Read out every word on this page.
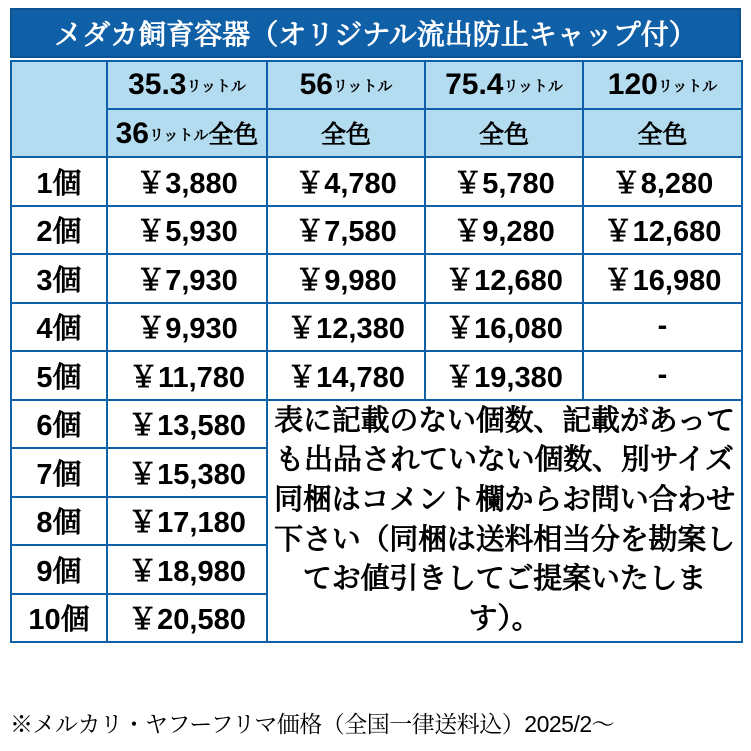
メダカ飼育容器（オリジナル流出防止キャップ付）
	35.3リットル	56リットル	75.4リットル	120リットル
	36リットル全色	全色	全色	全色
1個	￥3,880	￥4,780	￥5,780	￥8,280
2個	￥5,930	￥7,580	￥9,280	￥12,680
3個	￥7,930	￥9,980	￥12,680	￥16,980
4個	￥9,930	￥12,380	￥16,080	-
5個	￥11,780	￥14,780	￥19,380	-
6個	￥13,580	表に記載のない個数、記載があっても出品されていない個数、別サイズ同梱はコメント欄からお問い合わせ下さい（同梱は送料相当分を勘案してお値引きしてご提案いたします）。		
7個	￥15,380			
8個	￥17,180			
9個	￥18,980			
10個	￥20,580			
※メルカリ・ヤフーフリマ価格（全国一律送料込）2025/2～
